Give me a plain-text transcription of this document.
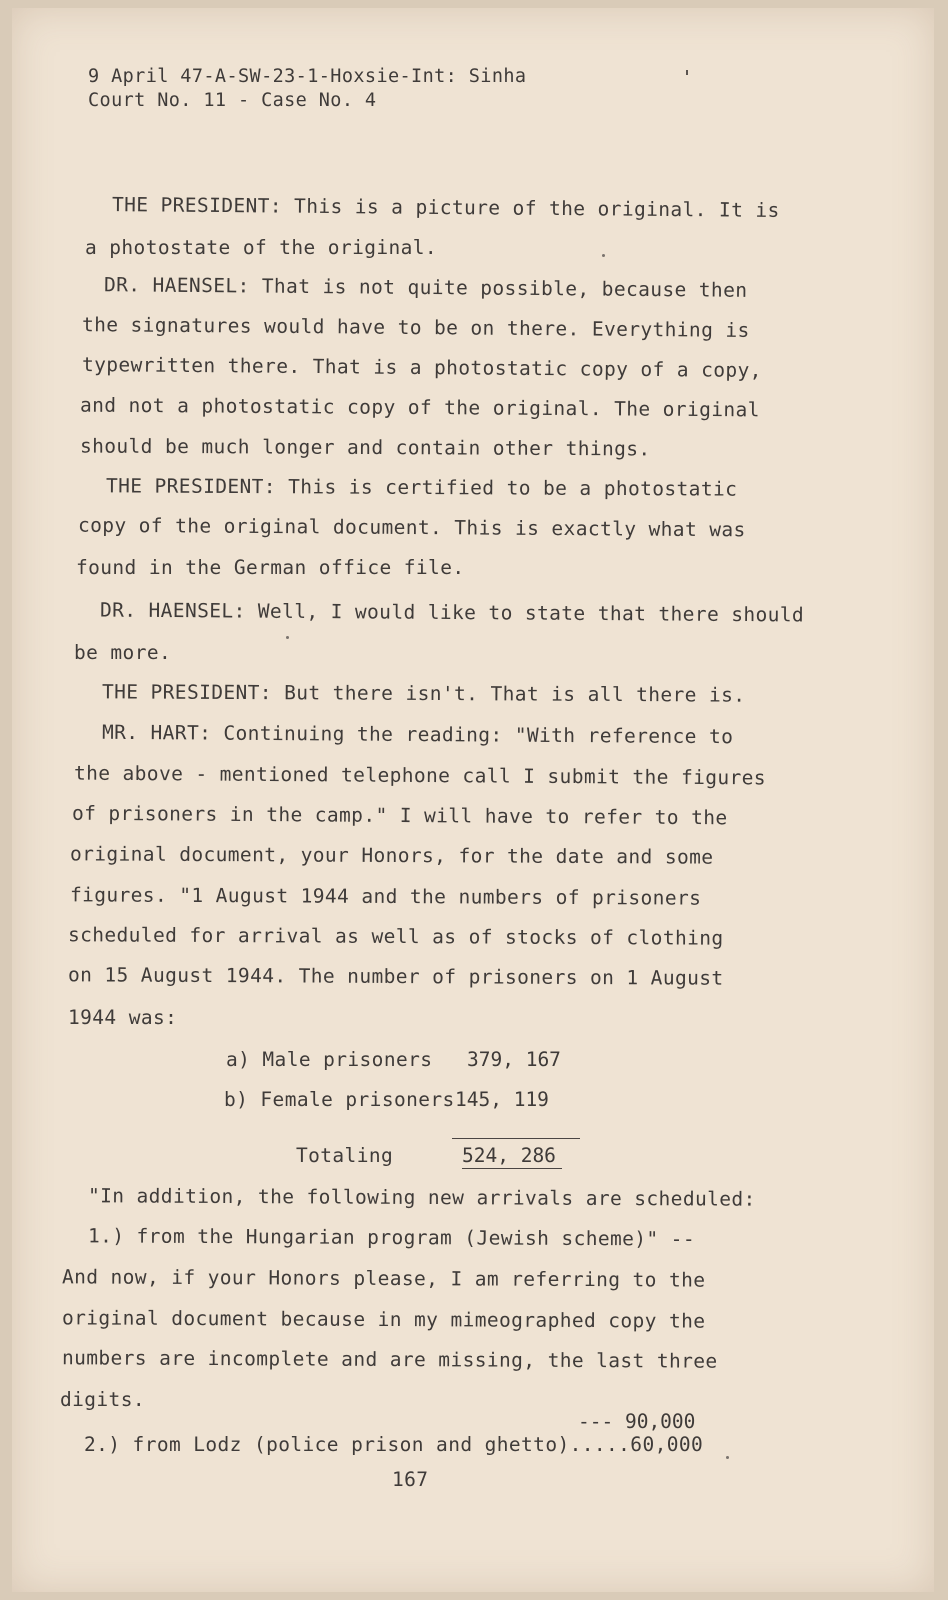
9 April 47-A-SW-23-1-Hoxsie-Int: Sinha
Court No. 11 - Case No. 4
THE PRESIDENT: This is a picture of the original. It is
a photostate of the original.
DR. HAENSEL: That is not quite possible, because then
the signatures would have to be on there. Everything is
typewritten there. That is a photostatic copy of a copy,
and not a photostatic copy of the original. The original
should be much longer and contain other things.
THE PRESIDENT: This is certified to be a photostatic
copy of the original document. This is exactly what was
found in the German office file.
DR. HAENSEL: Well, I would like to state that there should
be more.
THE PRESIDENT: But there isn't. That is all there is.
MR. HART: Continuing the reading: "With reference to
the above - mentioned telephone call I submit the figures
of prisoners in the camp." I will have to refer to the
original document, your Honors, for the date and some
figures. "1 August 1944 and the numbers of prisoners
scheduled for arrival as well as of stocks of clothing
on 15 August 1944. The number of prisoners on 1 August
1944 was:
a) Male prisoners 379, 167
b) Female prisoners 145, 119
Totaling	524, 286
"In addition, the following new arrivals are scheduled:
1.) from the Hungarian program (Jewish scheme)" --
And now, if your Honors please, I am referring to the
original document because in my mimeographed copy the
numbers are incomplete and are missing, the last three
digits.
--- 90,000
2.) from Lodz (police prison and ghetto).....60,000
167
